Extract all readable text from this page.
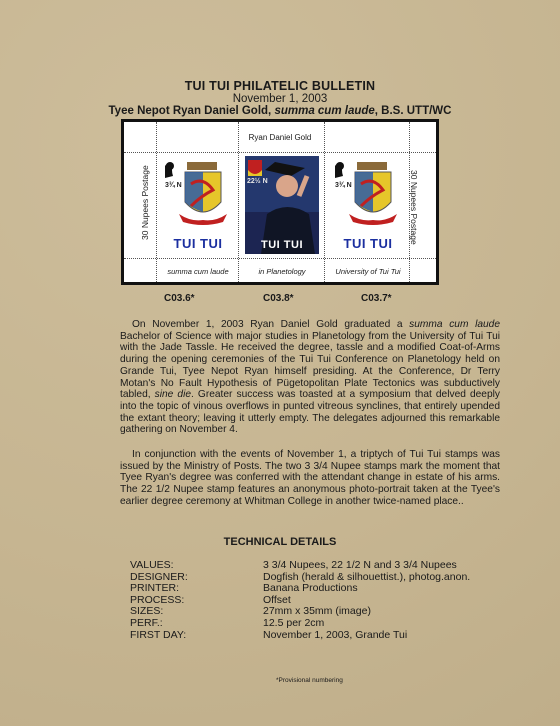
TUI TUI PHILATELIC BULLETIN
November 1, 2003
Tyee Nepot Ryan Daniel Gold, summa cum laude, B.S. UTT/WC
Ryan Daniel Gold
30 Nupees Postage	30 Nupees Postage
3¾ N
TUI TUI
22½ N
TUI TUI
3¾ N
TUI TUI
summa cum laude	in Planetology	University of Tui Tui
C03.6*	C03.8*	C03.7*

On November 1, 2003 Ryan Daniel Gold graduated a summa cum laude Bachelor of Science with major studies in Planetology from the University of Tui Tui with the Jade Tassle. He received the degree, tassle and a modified Coat-of-Arms during the opening ceremonies of the Tui Tui Conference on Planetology held on Grande Tui, Tyee Nepot Ryan himself presiding. At the Conference, Dr Terry Motan's No Fault Hypothesis of Pügetopolitan Plate Tectonics was subductively tabled, sine die. Greater success was toasted at a symposium that delved deeply into the topic of vinous overflows in punted vitreous synclines, that entirely upended the extant theory; leaving it utterly empty. The delegates adjourned this remarkable gathering on November 4.

In conjunction with the events of November 1, a triptych of Tui Tui stamps was issued by the Ministry of Posts. The two 3 3/4 Nupee stamps mark the moment that Tyee Ryan's degree was conferred with the attendant change in estate of his arms. The 22 1/2 Nupee stamp features an anonymous photo-portrait taken at the Tyee's earlier degree ceremony at Whitman College in another twice-named place..

TECHNICAL DETAILS
VALUES:	3 3/4 Nupees, 22 1/2 N and 3 3/4 Nupees
DESIGNER:	Dogfish (herald & silhouettist.), photog.anon.
PRINTER:	Banana Productions
PROCESS:	Offset
SIZES:	27mm x 35mm (image)
PERF.:	12.5 per 2cm
FIRST DAY:	November 1, 2003, Grande Tui
*Provisional numbering
